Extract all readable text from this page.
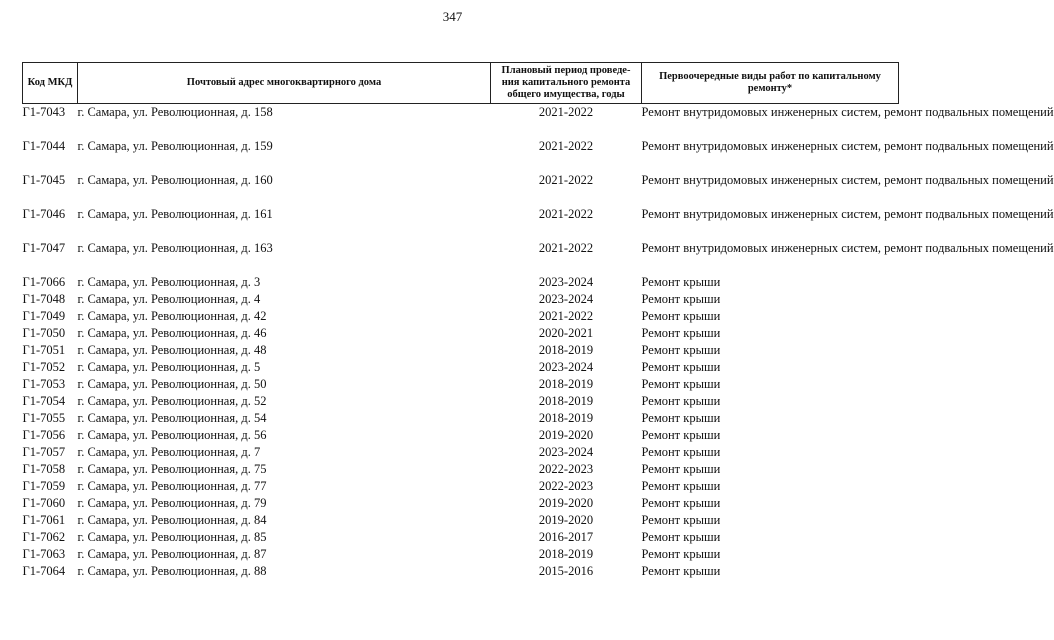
347
Код МКД	Почтовый адрес многоквартирного дома	Плановый период проведе-ния капитального ремонта общего имущества, годы	Первоочередные виды работ по капитальному ремонту*
Г1-7043	г. Самара, ул. Революционная, д. 158	2021-2022	Ремонт внутридомовых инженерных систем, ремонт подвальных помещений
Г1-7044	г. Самара, ул. Революционная, д. 159	2021-2022	Ремонт внутридомовых инженерных систем, ремонт подвальных помещений
Г1-7045	г. Самара, ул. Революционная, д. 160	2021-2022	Ремонт внутридомовых инженерных систем, ремонт подвальных помещений
Г1-7046	г. Самара, ул. Революционная, д. 161	2021-2022	Ремонт внутридомовых инженерных систем, ремонт подвальных помещений
Г1-7047	г. Самара, ул. Революционная, д. 163	2021-2022	Ремонт внутридомовых инженерных систем, ремонт подвальных помещений
Г1-7066	г. Самара, ул. Революционная, д. 3	2023-2024	Ремонт крыши
Г1-7048	г. Самара, ул. Революционная, д. 4	2023-2024	Ремонт крыши
Г1-7049	г. Самара, ул. Революционная, д. 42	2021-2022	Ремонт крыши
Г1-7050	г. Самара, ул. Революционная, д. 46	2020-2021	Ремонт крыши
Г1-7051	г. Самара, ул. Революционная, д. 48	2018-2019	Ремонт крыши
Г1-7052	г. Самара, ул. Революционная, д. 5	2023-2024	Ремонт крыши
Г1-7053	г. Самара, ул. Революционная, д. 50	2018-2019	Ремонт крыши
Г1-7054	г. Самара, ул. Революционная, д. 52	2018-2019	Ремонт крыши
Г1-7055	г. Самара, ул. Революционная, д. 54	2018-2019	Ремонт крыши
Г1-7056	г. Самара, ул. Революционная, д. 56	2019-2020	Ремонт крыши
Г1-7057	г. Самара, ул. Революционная, д. 7	2023-2024	Ремонт крыши
Г1-7058	г. Самара, ул. Революционная, д. 75	2022-2023	Ремонт крыши
Г1-7059	г. Самара, ул. Революционная, д. 77	2022-2023	Ремонт крыши
Г1-7060	г. Самара, ул. Революционная, д. 79	2019-2020	Ремонт крыши
Г1-7061	г. Самара, ул. Революционная, д. 84	2019-2020	Ремонт крыши
Г1-7062	г. Самара, ул. Революционная, д. 85	2016-2017	Ремонт крыши
Г1-7063	г. Самара, ул. Революционная, д. 87	2018-2019	Ремонт крыши
Г1-7064	г. Самара, ул. Революционная, д. 88	2015-2016	Ремонт крыши
